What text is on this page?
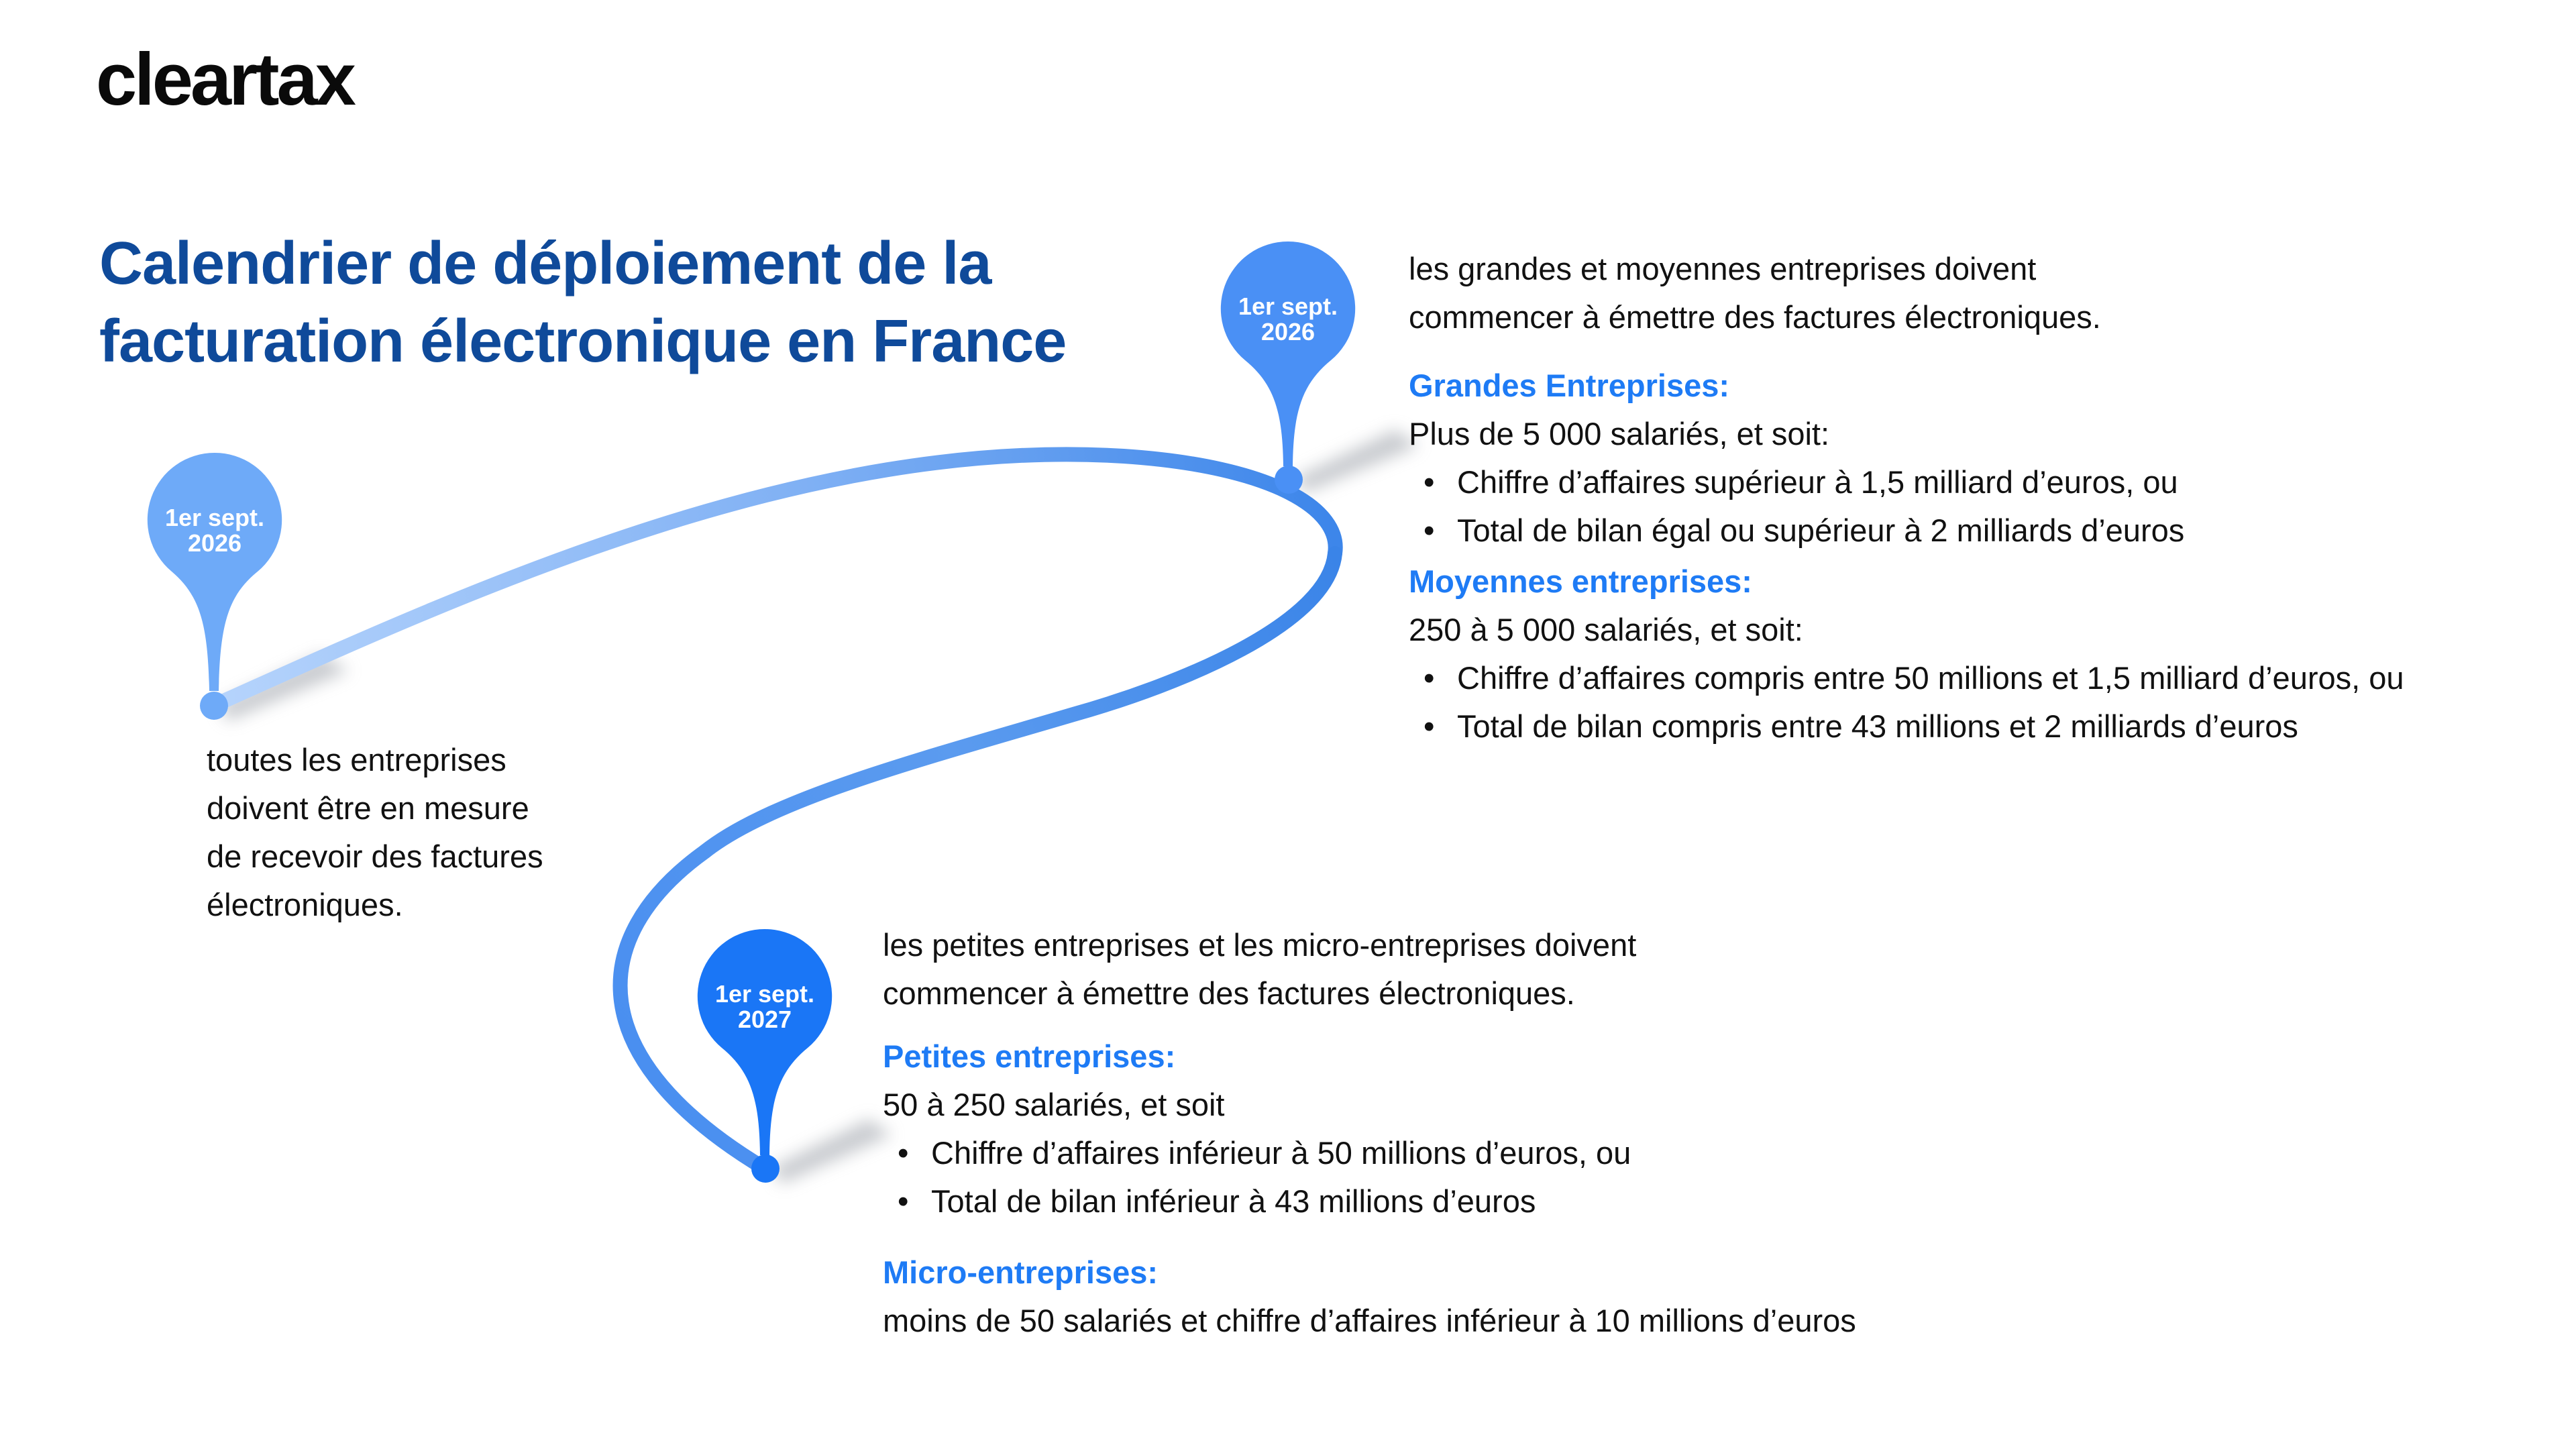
cleartax
Calendrier de déploiement de la
facturation électronique en France
1er sept.
2026
1er sept.
2026
1er sept.
2027

toutes les entreprises

doivent être en mesure

de recevoir des factures

électroniques.

les grandes et moyennes entreprises doivent

commencer à émettre des factures électroniques.

Grandes Entreprises:

Plus de 5 000 salariés, et soit:

• Chiffre d’affaires supérieur à 1,5 milliard d’euros, ou
• Total de bilan égal ou supérieur à 2 milliards d’euros

Moyennes entreprises:

250 à 5 000 salariés, et soit:

• Chiffre d’affaires compris entre 50 millions et 1,5 milliard d’euros, ou
• Total de bilan compris entre 43 millions et 2 milliards d’euros

les petites entreprises et les micro-entreprises doivent

commencer à émettre des factures électroniques.

Petites entreprises:

50 à 250 salariés, et soit

• Chiffre d’affaires inférieur à 50 millions d’euros, ou
• Total de bilan inférieur à 43 millions d’euros

Micro-entreprises:

moins de 50 salariés et chiffre d’affaires inférieur à 10 millions d’euros
